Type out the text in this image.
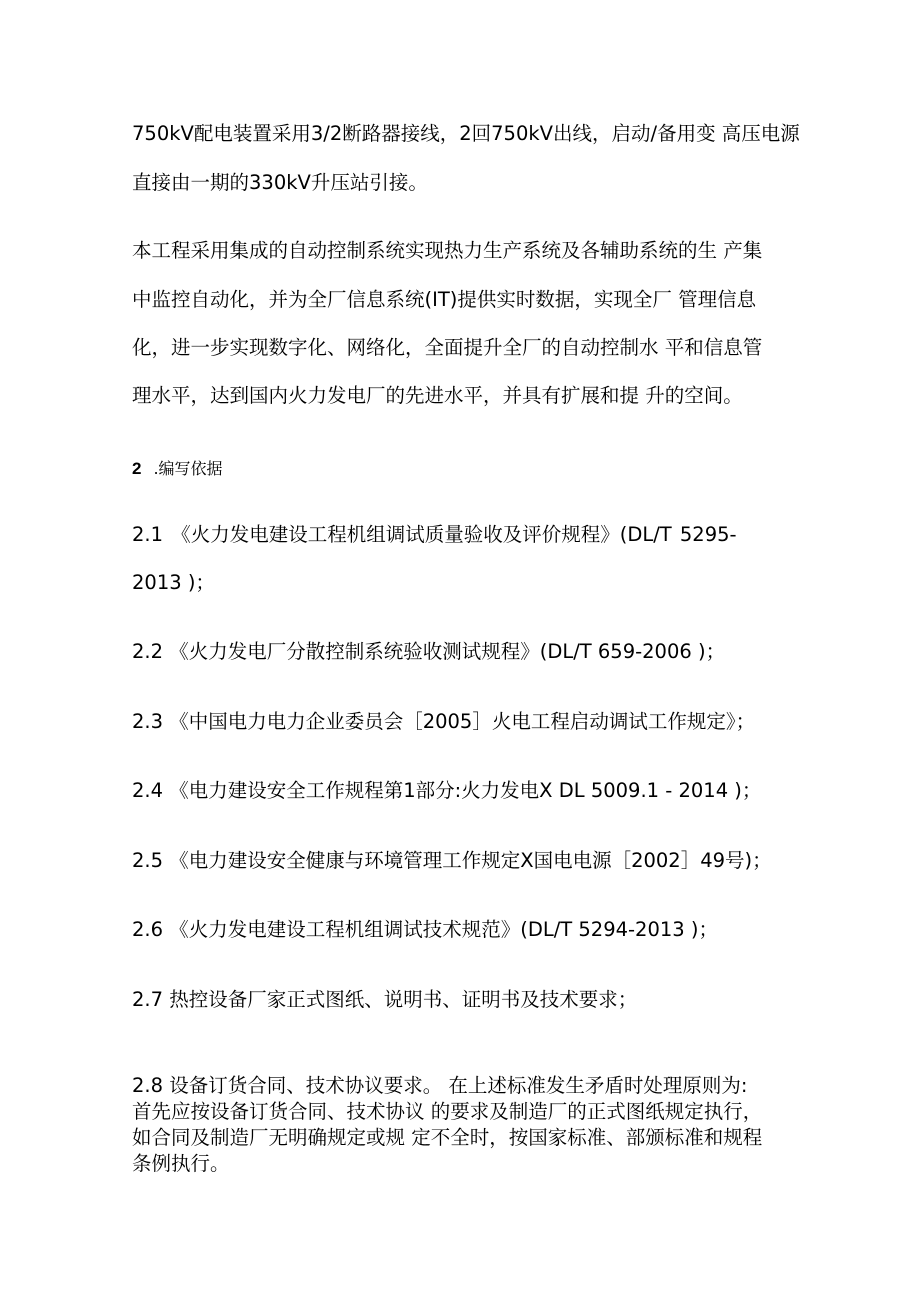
750kV配电装置采用3/2断路器接线，2回750kV出线，启动/备用变 高压电源
直接由一期的330kV升压站引接。
本工程采用集成的自动控制系统实现热力生产系统及各辅助系统的生 产集
中监控自动化，并为全厂信息系统(IT)提供实时数据，实现全厂 管理信息
化，进一步实现数字化、网络化，全面提升全厂的自动控制水 平和信息管
理水平，达到国内火力发电厂的先进水平，并具有扩展和提 升的空间。
2 .编写依据
2.1 《火力发电建设工程机组调试质量验收及评价规程》(DL/T 5295-
2013 )；
2.2 《火力发电厂分散控制系统验收测试规程》(DL/T 659-2006 )；
2.3 《中国电力电力企业委员会［2005］火电工程启动调试工作规定》；
2.4 《电力建设安全工作规程第1部分:火力发电X DL 5009.1 - 2014 )；
2.5 《电力建设安全健康与环境管理工作规定X国电电源［2002］49号)；
2.6 《火力发电建设工程机组调试技术规范》(DL/T 5294-2013 )；
2.7 热控设备厂家正式图纸、说明书、证明书及技术要求；
2.8 设备订货合同、技术协议要求。 在上述标准发生矛盾时处理原则为:
首先应按设备订货合同、技术协议 的要求及制造厂的正式图纸规定执行，
如合同及制造厂无明确规定或规 定不全时，按国家标准、部颁标准和规程
条例执行。
